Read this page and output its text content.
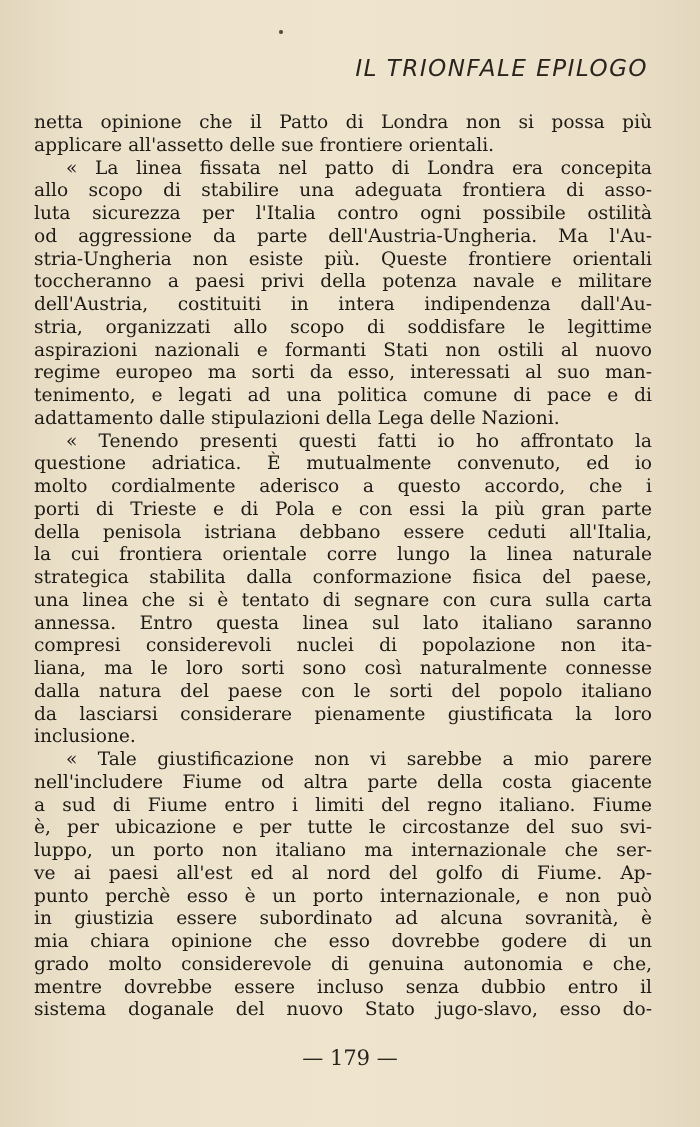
IL TRIONFALE EPILOGO
netta opinione che il Patto di Londra non si possa più
applicare all'assetto delle sue frontiere orientali.
« La linea fissata nel patto di Londra era concepita
allo scopo di stabilire una adeguata frontiera di asso-
luta sicurezza per l'Italia contro ogni possibile ostilità
od aggressione da parte dell'Austria-Ungheria. Ma l'Au-
stria-Ungheria non esiste più. Queste frontiere orientali
toccheranno a paesi privi della potenza navale e militare
dell'Austria, costituiti in intera indipendenza dall'Au-
stria, organizzati allo scopo di soddisfare le legittime
aspirazioni nazionali e formanti Stati non ostili al nuovo
regime europeo ma sorti da esso, interessati al suo man-
tenimento, e legati ad una politica comune di pace e di
adattamento dalle stipulazioni della Lega delle Nazioni.
« Tenendo presenti questi fatti io ho affrontato la
questione adriatica. È mutualmente convenuto, ed io
molto cordialmente aderisco a questo accordo, che i
porti di Trieste e di Pola e con essi la più gran parte
della penisola istriana debbano essere ceduti all'Italia,
la cui frontiera orientale corre lungo la linea naturale
strategica stabilita dalla conformazione fisica del paese,
una linea che si è tentato di segnare con cura sulla carta
annessa. Entro questa linea sul lato italiano saranno
compresi considerevoli nuclei di popolazione non ita-
liana, ma le loro sorti sono così naturalmente connesse
dalla natura del paese con le sorti del popolo italiano
da lasciarsi considerare pienamente giustificata la loro
inclusione.
« Tale giustificazione non vi sarebbe a mio parere
nell'includere Fiume od altra parte della costa giacente
a sud di Fiume entro i limiti del regno italiano. Fiume
è, per ubicazione e per tutte le circostanze del suo svi-
luppo, un porto non italiano ma internazionale che ser-
ve ai paesi all'est ed al nord del golfo di Fiume. Ap-
punto perchè esso è un porto internazionale, e non può
in giustizia essere subordinato ad alcuna sovranità, è
mia chiara opinione che esso dovrebbe godere di un
grado molto considerevole di genuina autonomia e che,
mentre dovrebbe essere incluso senza dubbio entro il
sistema doganale del nuovo Stato jugo-slavo, esso do-
— 179 —
